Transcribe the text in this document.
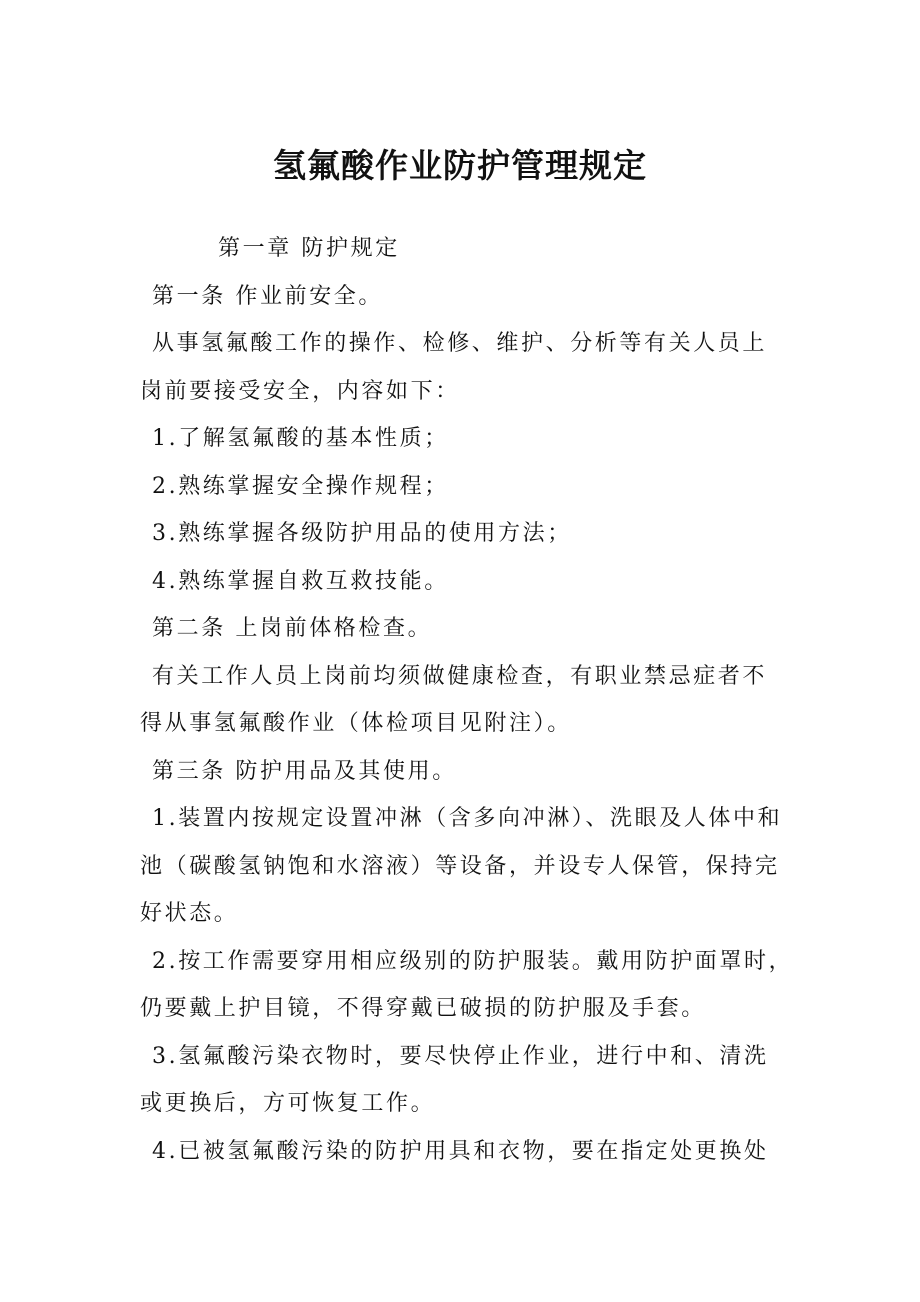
氢氟酸作业防护管理规定
第一章 防护规定
第一条 作业前安全。
从事氢氟酸工作的操作、检修、维护、分析等有关人员上
岗前要接受安全，内容如下：
1.了解氢氟酸的基本性质；
2.熟练掌握安全操作规程；
3.熟练掌握各级防护用品的使用方法；
4.熟练掌握自救互救技能。
第二条 上岗前体格检查。
有关工作人员上岗前均须做健康检查，有职业禁忌症者不
得从事氢氟酸作业（体检项目见附注）。
第三条 防护用品及其使用。
1.装置内按规定设置冲淋（含多向冲淋）、洗眼及人体中和
池（碳酸氢钠饱和水溶液）等设备，并设专人保管，保持完
好状态。
2.按工作需要穿用相应级别的防护服装。戴用防护面罩时，
仍要戴上护目镜，不得穿戴已破损的防护服及手套。
3.氢氟酸污染衣物时，要尽快停止作业，进行中和、清洗
或更换后，方可恢复工作。
4.已被氢氟酸污染的防护用具和衣物，要在指定处更换处
